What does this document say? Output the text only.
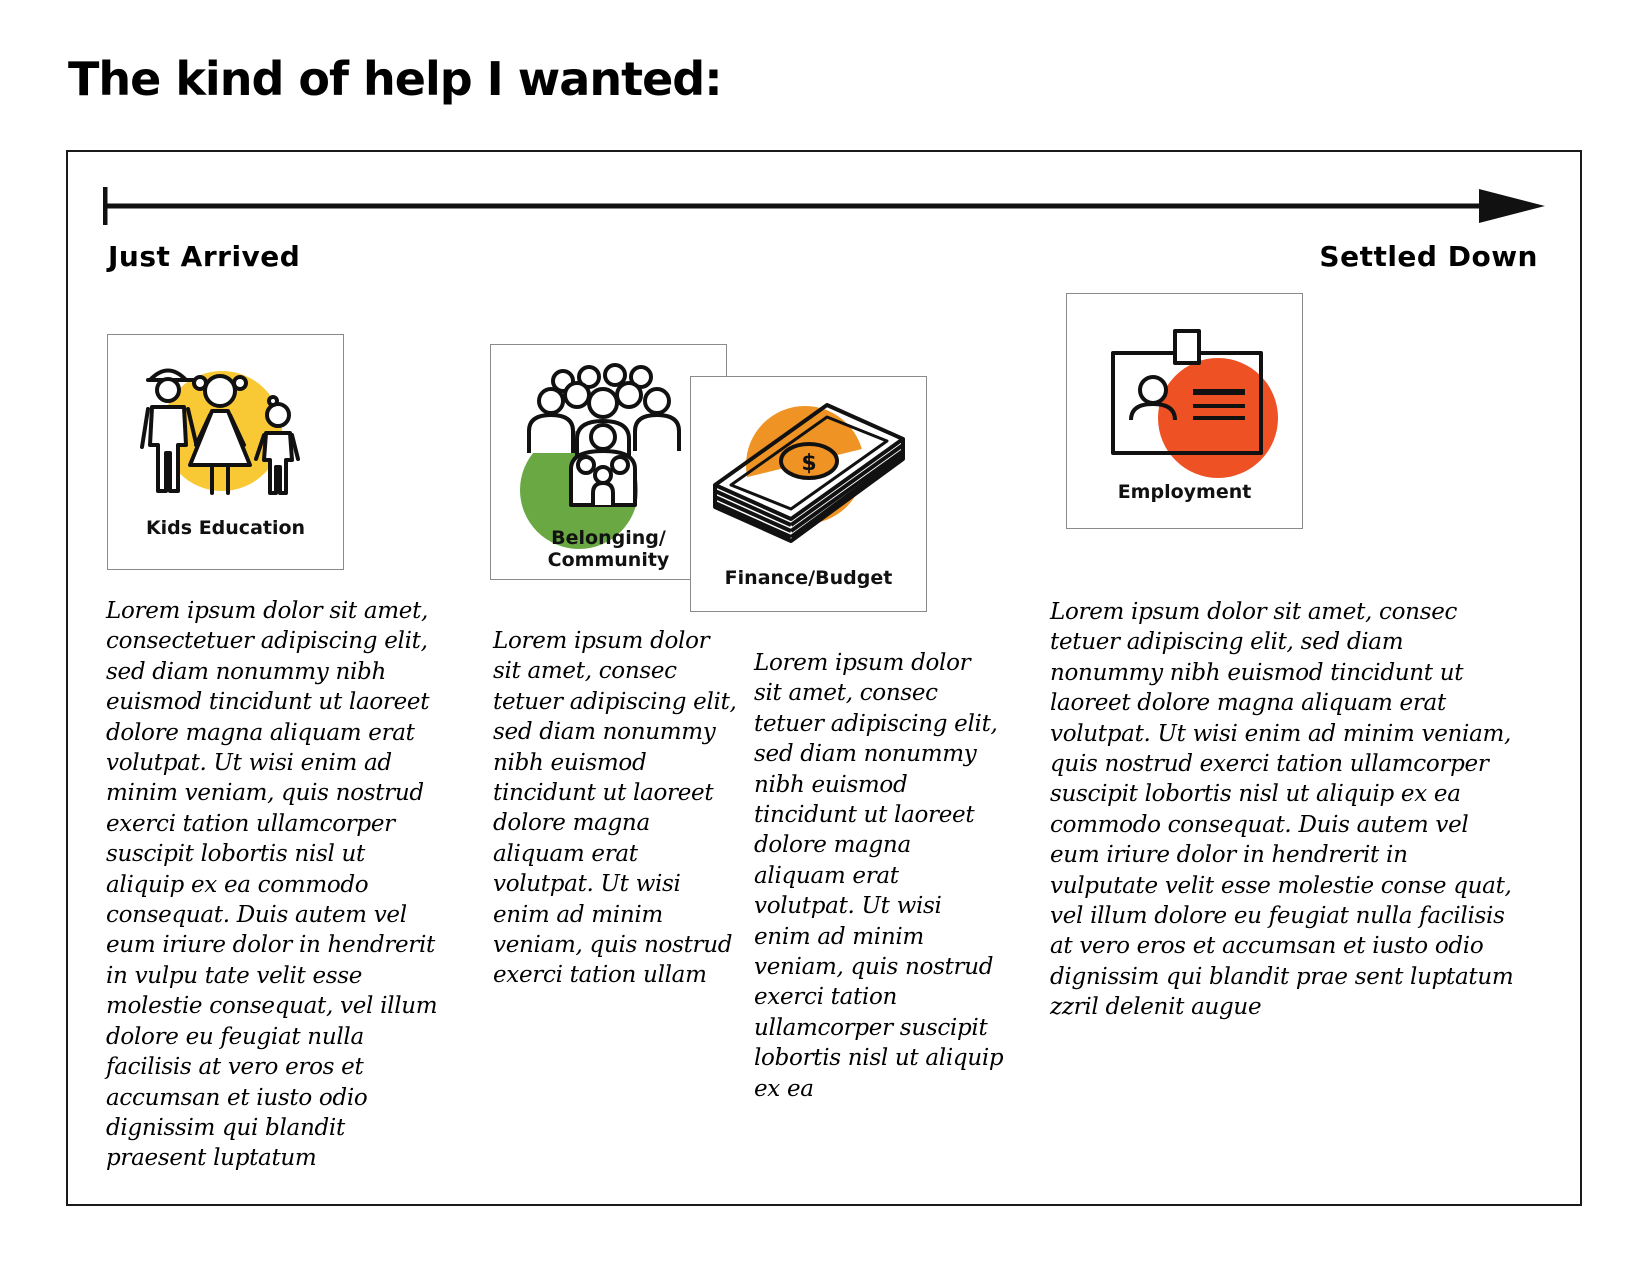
The kind of help I wanted:
Just Arrived	Settled Down
Kids Education	Belonging/
Community
$
Finance/Budget
Employment

Lorem ipsum dolor sit amet, consectetuer adipiscing elit, sed diam nonummy nibh euismod tincidunt ut laoreet dolore magna aliquam erat volutpat. Ut wisi enim ad minim veniam, quis nostrud exerci tation ullamcorper suscipit lobortis nisl ut aliquip ex ea commodo consequat. Duis autem vel eum iriure dolor in hendrerit in vulpu tate velit esse molestie consequat, vel illum dolore eu feugiat nulla facilisis at vero eros et accumsan et iusto odio dignissim qui blandit praesent luptatum

Lorem ipsum dolor sit amet, consec tetuer adipiscing elit, sed diam nonummy nibh euismod tincidunt ut laoreet dolore magna aliquam erat volutpat. Ut wisi enim ad minim veniam, quis nostrud exerci tation ullam

Lorem ipsum dolor sit amet, consec tetuer adipiscing elit, sed diam nonummy nibh euismod tincidunt ut laoreet dolore magna aliquam erat volutpat. Ut wisi enim ad minim veniam, quis nostrud exerci tation ullamcorper suscipit lobortis nisl ut aliquip ex ea

Lorem ipsum dolor sit amet, consec tetuer adipiscing elit, sed diam nonummy nibh euismod tincidunt ut laoreet dolore magna aliquam erat volutpat. Ut wisi enim ad minim veniam, quis nostrud exerci tation ullamcorper suscipit lobortis nisl ut aliquip ex ea commodo consequat. Duis autem vel eum iriure dolor in hendrerit in vulputate velit esse molestie conse quat, vel illum dolore eu feugiat nulla facilisis at vero eros et accumsan et iusto odio dignissim qui blandit prae sent luptatum zzril delenit augue
